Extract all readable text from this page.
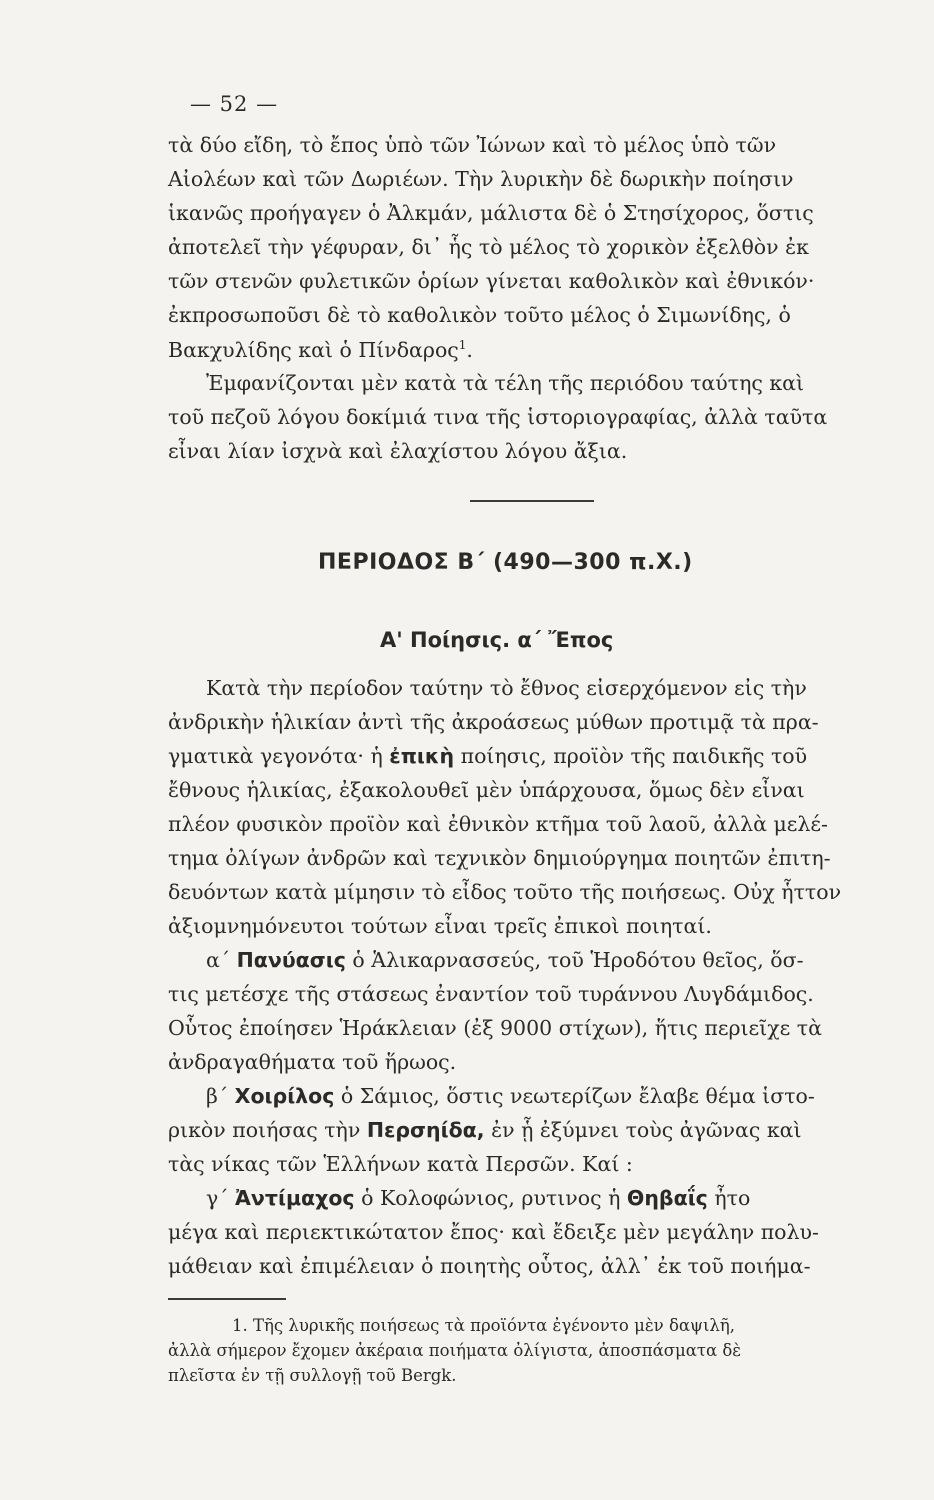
— 52 —
τὰ δύο εἴδη, τὸ ἔπος ὑπὸ τῶν Ἰώνων καὶ τὸ μέλος ὑπὸ τῶν
Αἰολέων καὶ τῶν Δωριέων. Τὴν λυρικὴν δὲ δωρικὴν ποίησιν
ἱκανῶς προήγαγεν ὁ Ἀλκμάν, μάλιστα δὲ ὁ Στησίχορος, ὅστις
ἀποτελεῖ τὴν γέφυραν, δι᾽ ἧς τὸ μέλος τὸ χορικὸν ἐξελθὸν ἐκ
τῶν στενῶν φυλετικῶν ὁρίων γίνεται καθολικὸν καὶ ἐθνικόν·
ἐκπροσωποῦσι δὲ τὸ καθολικὸν τοῦτο μέλος ὁ Σιμωνίδης, ὁ
Βακχυλίδης καὶ ὁ Πίνδαρος$^1$.
Ἐμφανίζονται μὲν κατὰ τὰ τέλη τῆς περιόδου ταύτης καὶ
τοῦ πεζοῦ λόγου δοκίμιά τινα τῆς ἱστοριογραφίας, ἀλλὰ ταῦτα
εἶναι λίαν ἰσχνὰ καὶ ἐλαχίστου λόγου ἄξια.
ΠΕΡΙΟΔΟΣ Β΄ (490—300 π.Χ.)
Α' Ποίησις. α΄ Ἔπος
Κατὰ τὴν περίοδον ταύτην τὸ ἔθνος εἰσερχόμενον εἰς τὴν
ἀνδρικὴν ἡλικίαν ἀντὶ τῆς ἀκροάσεως μύθων προτιμᾷ τὰ πρα-
γματικὰ γεγονότα· ἡ ἐπικὴ ποίησις, προϊὸν τῆς παιδικῆς τοῦ
ἔθνους ἡλικίας, ἐξακολουθεῖ μὲν ὑπάρχουσα, ὅμως δὲν εἶναι
πλέον φυσικὸν προϊὸν καὶ ἐθνικὸν κτῆμα τοῦ λαοῦ, ἀλλὰ μελέ-
τημα ὀλίγων ἀνδρῶν καὶ τεχνικὸν δημιούργημα ποιητῶν ἐπιτη-
δευόντων κατὰ μίμησιν τὸ εἶδος τοῦτο τῆς ποιήσεως. Οὐχ ἧττον
ἀξιομνημόνευτοι τούτων εἶναι τρεῖς ἐπικοὶ ποιηταί.
α΄ Πανύασις ὁ Ἁλικαρνασσεύς, τοῦ Ἡροδότου θεῖος, ὅσ-
τις μετέσχε τῆς στάσεως ἐναντίον τοῦ τυράννου Λυγδάμιδος.
Οὗτος ἐποίησεν Ἡράκλειαν (ἐξ 9000 στίχων), ἥτις περιεῖχε τὰ
ἀνδραγαθήματα τοῦ ἥρωος.
β΄ Χοιρίλος ὁ Σάμιος, ὅστις νεωτερίζων ἔλαβε θέμα ἱστο-
ρικὸν ποιήσας τὴν Περσηίδα, ἐν ᾗ ἐξύμνει τοὺς ἀγῶνας καὶ
τὰς νίκας τῶν Ἑλλήνων κατὰ Περσῶν. Καί :
γ΄ Ἀντίμαχος ὁ Κολοφώνιος, ρυτινος ἡ Θηβαΐς ἦτο
μέγα καὶ περιεκτικώτατον ἔπος· καὶ ἔδειξε μὲν μεγάλην πολυ-
μάθειαν καὶ ἐπιμέλειαν ὁ ποιητὴς οὗτος, ἀλλ᾽ ἐκ τοῦ ποιήμα-
1. Τῆς λυρικῆς ποιήσεως τὰ προϊόντα ἐγένοντο μὲν δαψιλῆ,
ἀλλὰ σήμερον ἔχομεν ἀκέραια ποιήματα ὀλίγιστα, ἀποσπάσματα δὲ
πλεῖστα ἐν τῇ συλλογῇ τοῦ Bergk.
